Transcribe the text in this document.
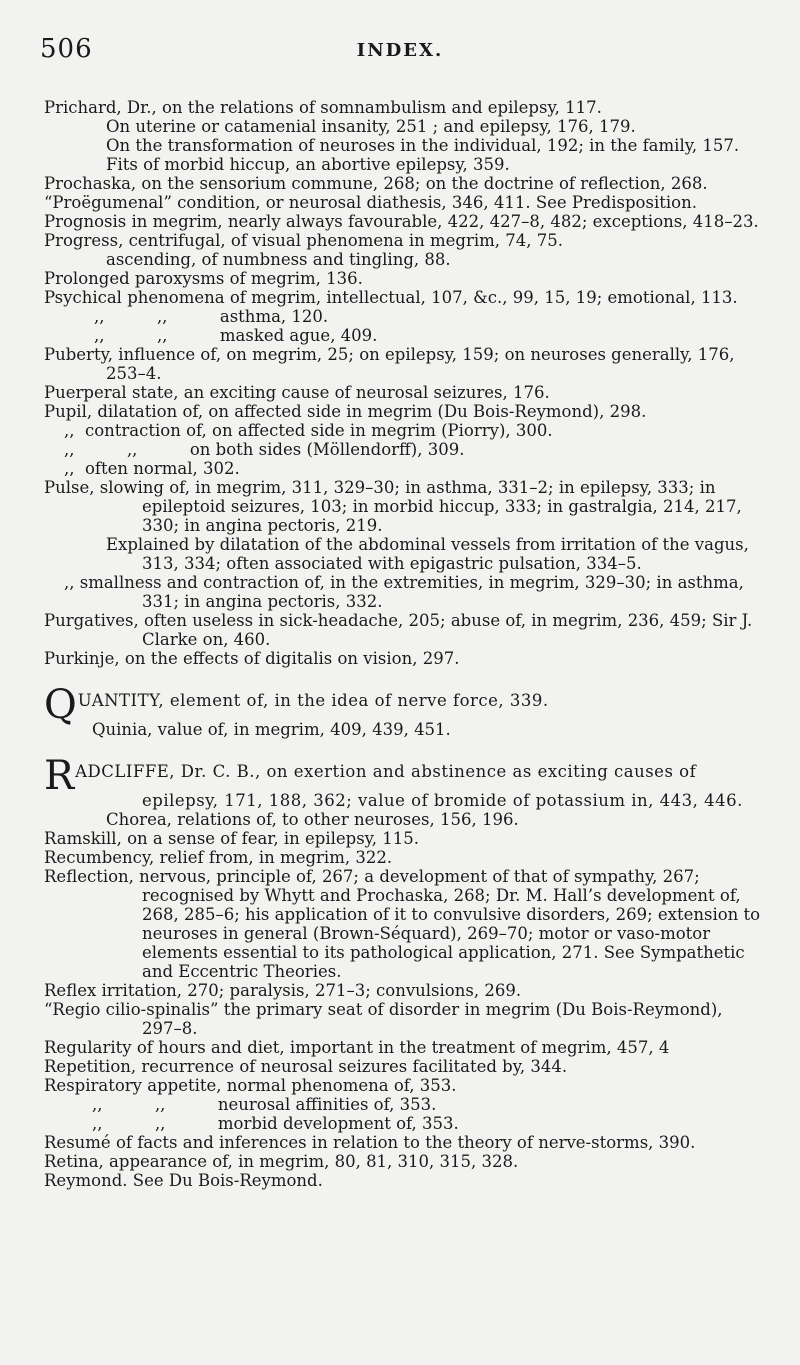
506	INDEX.
Prichard, Dr., on the relations of somnambulism and epilepsy, 117.
On uterine or catamenial insanity, 251 ; and epilepsy, 176, 179.
On the transformation of neuroses in the individual, 192; in the family, 157.
Fits of morbid hiccup, an abortive epilepsy, 359.
Prochaska, on the sensorium commune, 268; on the doctrine of reflection, 268.
“Proëgumenal” condition, or neurosal diathesis, 346, 411. See Predisposition.
Prognosis in megrim, nearly always favourable, 422, 427–8, 482; exceptions, 418–23.
Progress, centrifugal, of visual phenomena in megrim, 74, 75.
ascending, of numbness and tingling, 88.
Prolonged paroxysms of megrim, 136.
Psychical phenomena of megrim, intellectual, 107, &c., 99, 15, 19; emotional, 113.
,,          ,,          asthma, 120.
,,          ,,          masked ague, 409.
Puberty, influence of, on megrim, 25; on epilepsy, 159; on neuroses generally, 176, 253–4.
Puerperal state, an exciting cause of neurosal seizures, 176.
Pupil, dilatation of, on affected side in megrim (Du Bois-Reymond), 298.
,,  contraction of, on affected side in megrim (Piorry), 300.
,,          ,,          on both sides (Möllendorff), 309.
,,  often normal, 302.
Pulse, slowing of, in megrim, 311, 329–30; in asthma, 331–2; in epilepsy, 333; in epileptoid seizures, 103; in morbid hiccup, 333; in gastralgia, 214, 217, 330; in angina pectoris, 219.
Explained by dilatation of the abdominal vessels from irritation of the vagus, 313, 334; often associated with epigastric pulsation, 334–5.
,, smallness and contraction of, in the extremities, in megrim, 329–30; in asthma, 331; in angina pectoris, 332.
Purgatives, often useless in sick-headache, 205; abuse of, in megrim, 236, 459; Sir J. Clarke on, 460.
Purkinje, on the effects of digitalis on vision, 297.
QUANTITY, element of, in the idea of nerve force, 339.
Quinia, value of, in megrim, 409, 439, 451.
RADCLIFFE, Dr. C. B., on exertion and abstinence as exciting causes of epilepsy, 171, 188, 362; value of bromide of potassium in, 443, 446.
Chorea, relations of, to other neuroses, 156, 196.
Ramskill, on a sense of fear, in epilepsy, 115.
Recumbency, relief from, in megrim, 322.
Reflection, nervous, principle of, 267; a development of that of sympathy, 267; recognised by Whytt and Prochaska, 268; Dr. M. Hall’s development of, 268, 285–6; his application of it to convulsive disorders, 269; extension to neuroses in general (Brown-Séquard), 269–70; motor or vaso-motor elements essential to its pathological application, 271. See Sympathetic and Eccentric Theories.
Reflex irritation, 270; paralysis, 271–3; convulsions, 269.
“Regio cilio-spinalis” the primary seat of disorder in megrim (Du Bois-Reymond), 297–8.
Regularity of hours and diet, important in the treatment of megrim, 457, 4
Repetition, recurrence of neurosal seizures facilitated by, 344.
Respiratory appetite, normal phenomena of, 353.
,,          ,,          neurosal affinities of, 353.
,,          ,,          morbid development of, 353.
Resumé of facts and inferences in relation to the theory of nerve-storms, 390.
Retina, appearance of, in megrim, 80, 81, 310, 315, 328.
Reymond. See Du Bois-Reymond.
